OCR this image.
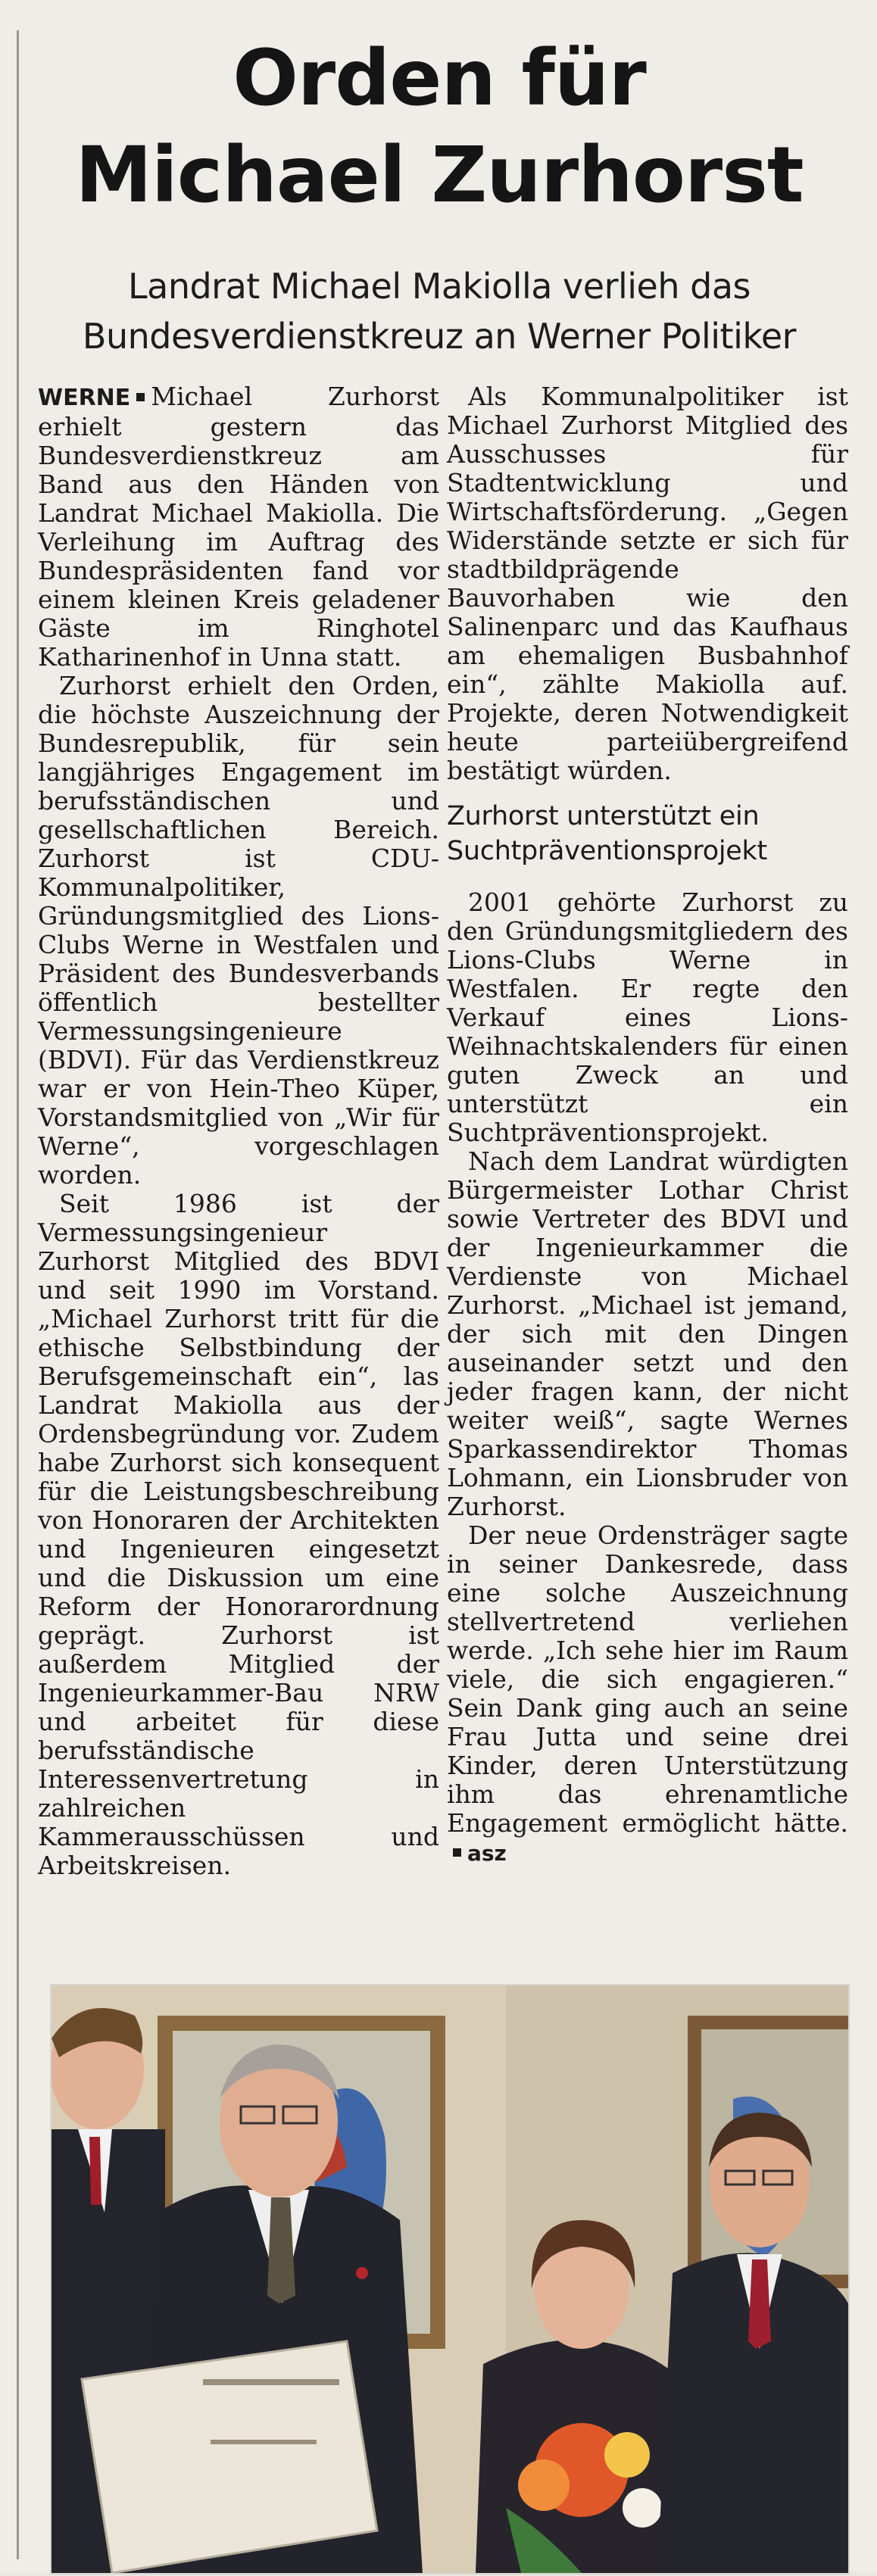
Orden für
Michael Zurhorst
Landrat Michael Makiolla verlieh das
Bundesverdienstkreuz an Werner Politiker

WERNE Michael Zurhorst erhielt gestern das Bundesverdienstkreuz am Band aus den Händen von Landrat Michael Makiolla. Die Verleihung im Auftrag des Bundespräsidenten fand vor einem kleinen Kreis geladener Gäste im Ringhotel Katharinenhof in Unna statt.

Zurhorst erhielt den Orden, die höchste Auszeichnung der Bundesrepublik, für sein langjähriges Engagement im berufsständischen und gesellschaftlichen Bereich. Zurhorst ist CDU-Kommunalpolitiker, Gründungsmitglied des Lions-Clubs Werne in Westfalen und Präsident des Bundesverbands öffentlich bestellter Vermessungsingenieure (BDVI). Für das Verdienstkreuz war er von Hein-Theo Küper, Vorstandsmitglied von „Wir für Werne“, vorgeschlagen worden.

Seit 1986 ist der Vermessungsingenieur Zurhorst Mitglied des BDVI und seit 1990 im Vorstand. „Michael Zurhorst tritt für die ethische Selbstbindung der Berufsgemeinschaft ein“, las Landrat Makiolla aus der Ordensbegründung vor. Zudem habe Zurhorst sich konsequent für die Leistungsbeschreibung von Honoraren der Architekten und Ingenieuren eingesetzt und die Diskussion um eine Reform der Honorarordnung geprägt. Zurhorst ist außerdem Mitglied der Ingenieurkammer-Bau NRW und arbeitet für diese berufsständische Interessenvertretung in zahlreichen Kammerausschüssen und Arbeitskreisen.

Als Kommunalpolitiker ist Michael Zurhorst Mitglied des Ausschusses für Stadtentwicklung und Wirtschaftsförderung. „Gegen Widerstände setzte er sich für stadtbildprägende Bauvorhaben wie den Salinenparc und das Kaufhaus am ehemaligen Busbahnhof ein“, zählte Makiolla auf. Projekte, deren Notwendigkeit heute parteiübergreifend bestätigt würden.

Zurhorst unterstützt ein
Suchtpräventionsprojekt

2001 gehörte Zurhorst zu den Gründungsmitgliedern des Lions-Clubs Werne in Westfalen. Er regte den Verkauf eines Lions-Weihnachtskalenders für einen guten Zweck an und unterstützt ein Suchtpräventionsprojekt.

Nach dem Landrat würdigten Bürgermeister Lothar Christ sowie Vertreter des BDVI und der Ingenieurkammer die Verdienste von Michael Zurhorst. „Michael ist jemand, der sich mit den Dingen auseinander setzt und den jeder fragen kann, der nicht weiter weiß“, sagte Wernes Sparkassendirektor Thomas Lohmann, ein Lionsbruder von Zurhorst.

Der neue Ordensträger sagte in seiner Dankesrede, dass eine solche Auszeichnung stellvertretend verliehen werde. „Ich sehe hier im Raum viele, die sich engagieren.“ Sein Dank ging auch an seine Frau Jutta und seine drei Kinder, deren Unterstützung ihm das ehrenamtliche Engagement ermöglicht hätte.asz
